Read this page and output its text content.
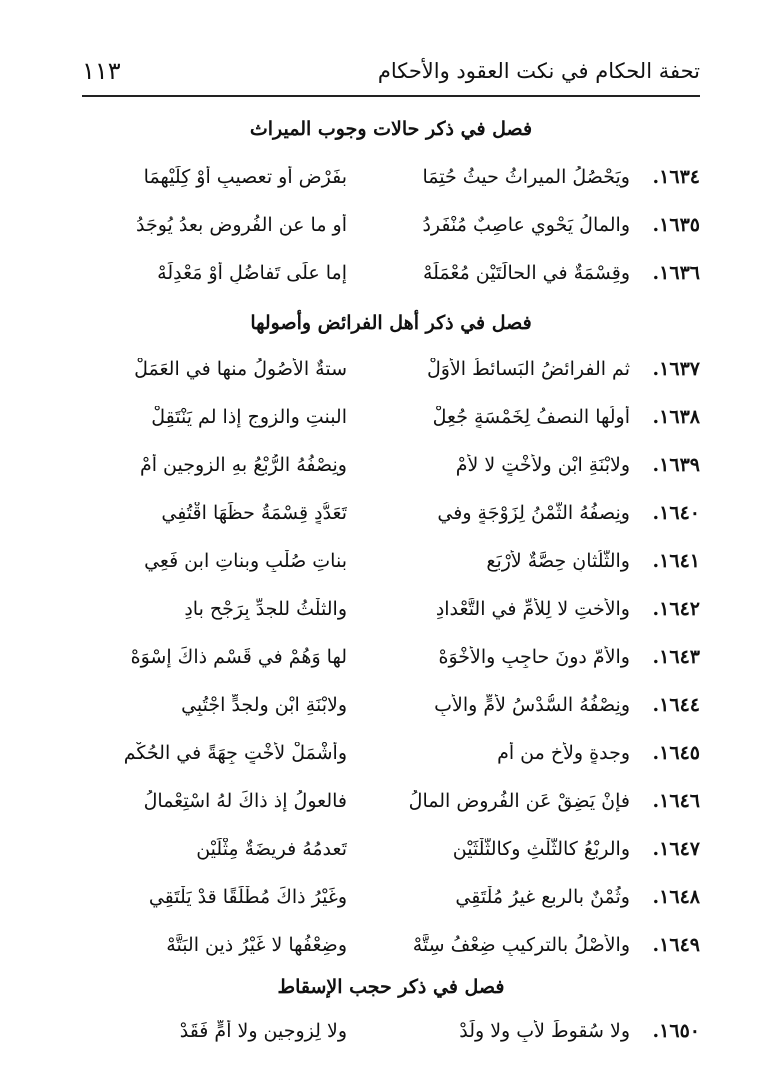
١١٣	تحفة الحكام في نكت العقود والأحكام
فصل في ذكر حالات وجوب الميراث
١٦٣٤.
ويَحْصُلُ الميراثُ حيثُ حُتِمَا
بفَرْضٍ أو تعصيبٍ أوْ كِلَيْهِمَا
١٦٣٥.
والمالُ يَحْوِي عاصِبٌ مُنْفَرِدُ
أو ما عنِ الفُروضِ بعدُ يُوجَدُ
١٦٣٦.
وقِسْمَةٌ في الحالَتَيْنِ مُعْمَلَهْ
إما علَى تَفاضُلٍ أوْ مَعْدِلَهْ
فصل في ذكر أهل الفرائض وأصولها
١٦٣٧.
ثم الفرائضُ البَسائطُ الأُوَلْ
ستةٌ الأُصُولُ منها في العَمَلْ
١٦٣٨.
أولُها النصفُ لِخَمْسَةٍ جُعِلْ
البنتِ والزوجِ إذا لم يَنْتَقِلْ
١٦٣٩.
ولابْنَةِ ابْنٍ ولأُخْتٍ لا لأُمْ
ونِصْفُهُ الرُّبْعُ بهِ الزوجينِ أُمْ
١٦٤٠.
ونِصفُهُ الثُّمْنُ لِزَوْجَةٍ وفي
تَعَدُّدٍ قِسْمَةُ حظِّهَا اقْتُفِي
١٦٤١.
والثُّلُثانِ حِصَّةٌ لأرْبَعِ
بناتِ صُلْبٍ وبناتِ ابنٍ فَعِي
١٦٤٢.
والأختِ لا لِلأُمِّ في التَّعْدادِ
والثلْثُ للجدِّ بِرَجْحٍ بادِ
١٦٤٣.
والأمّ دونَ حاجِبٍ والأخْوَهْ
لها وَهُمْ في قَسْمِ ذاكَ إسْوَهْ
١٦٤٤.
ونِصْفُهُ السُّدْسُ لأمٍّ والأبِ
ولابْنَةِ ابْنٍ ولجدٍّ اجْتُبِي
١٦٤٥.
وجدةٍ ولأخ من أم
وأشْمَلْ لأُخْتٍ جِهَةً في الحُكْمِ
١٦٤٦.
فإنْ يَضِقْ عَنِ الفُروضِ المالُ
فالعولُ إذ ذاكَ لهُ اسْتِعْمالُ
١٦٤٧.
والربْعُ كالثُّلْثِ وكالثُّلْثَيْنِ
تَعدمُهُ فريضَةٌ مِثْلَيْنِ
١٦٤٨.
وثُمْنٌ بالربعِ غيرُ مُلْتَقِي
وغَيْرُ ذاكَ مُطْلَقًا قدْ يَلْتَقِي
١٦٤٩.
والأصْلُ بالتركيبِ ضِعْفُ سِتَّهْ
وضِعْفُها لا غَيْرُ ذينِ البَتَّهْ
فصل في ذكر حجب الإسقاط
١٦٥٠.
ولا سُقوطَ لأبٍ ولا ولَدْ
ولا لِزوجينِ ولا أُمٍّ فَقَدْ
